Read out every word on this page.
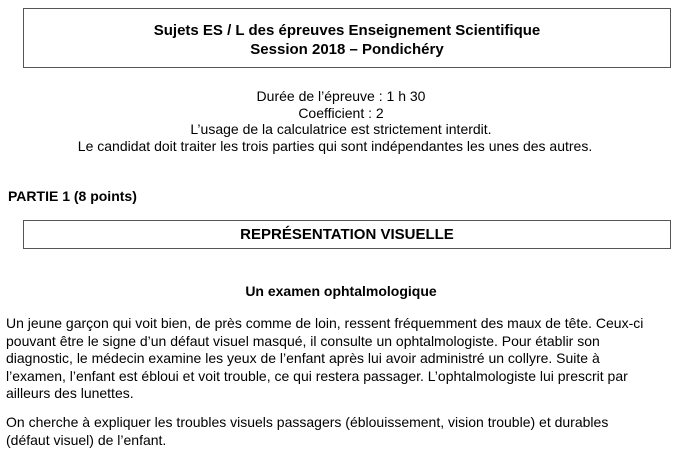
Sujets ES / L des épreuves Enseignement Scientifique
Session 2018 – Pondichéry
Durée de l’épreuve : 1 h 30
Coefficient : 2
L’usage de la calculatrice est strictement interdit.
Le candidat doit traiter les trois parties qui sont indépendantes les unes des autres.
PARTIE 1 (8 points)
REPRÉSENTATION VISUELLE
Un examen ophtalmologique
Un jeune garçon qui voit bien, de près comme de loin, ressent fréquemment des maux de tête. Ceux-ci
pouvant être le signe d’un défaut visuel masqué, il consulte un ophtalmologiste. Pour établir son
diagnostic, le médecin examine les yeux de l’enfant après lui avoir administré un collyre. Suite à
l’examen, l’enfant est ébloui et voit trouble, ce qui restera passager. L’ophtalmologiste lui prescrit par
ailleurs des lunettes.
On cherche à expliquer les troubles visuels passagers (éblouissement, vision trouble) et durables
(défaut visuel) de l’enfant.
